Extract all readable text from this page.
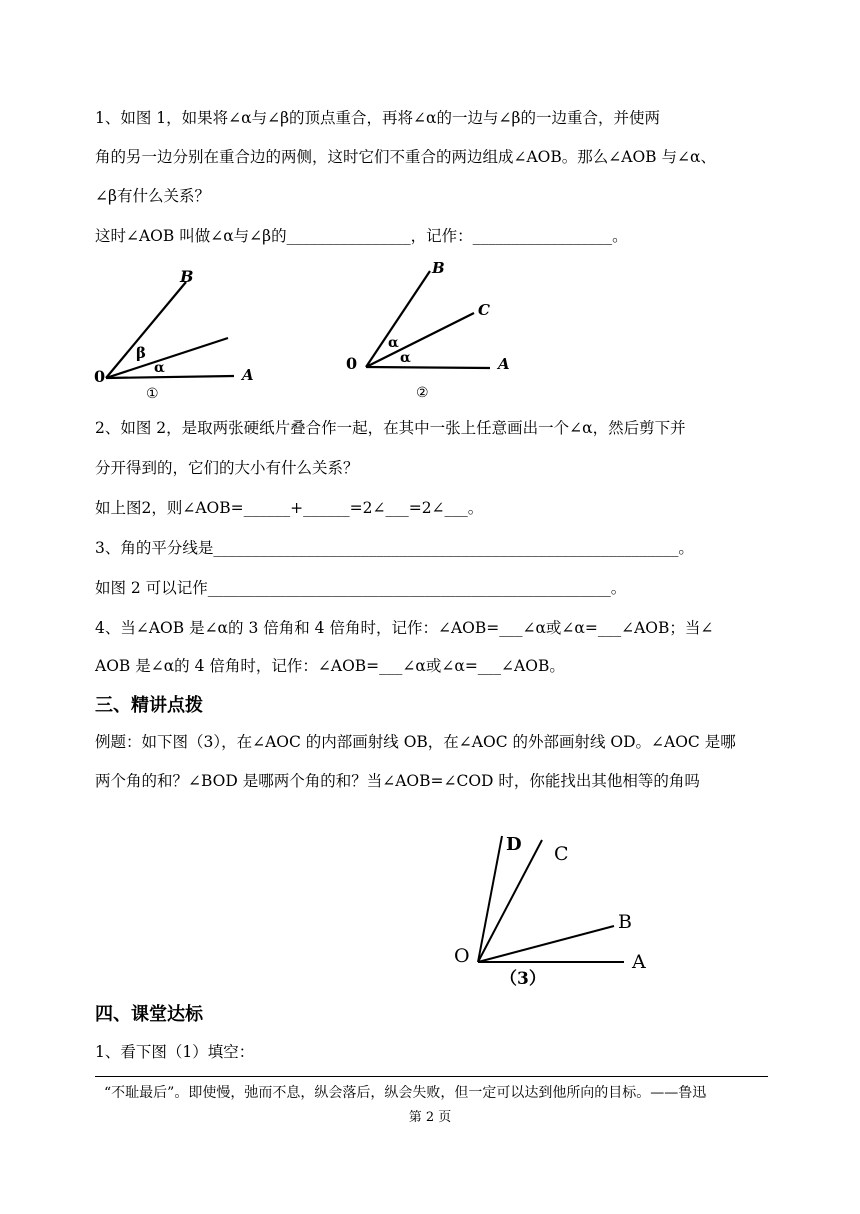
1、如图 1，如果将∠α与∠β的顶点重合，再将∠α的一边与∠β的一边重合，并使两
角的另一边分别在重合边的两侧，这时它们不重合的两边组成∠AOB。那么∠AOB 与∠α、
∠β有什么关系？
这时∠AOB 叫做∠α与∠β的________________，记作：__________________。
B
0
β
α	A
①
B
C
0
α
α	A
②
2、如图 2，是取两张硬纸片叠合作一起，在其中一张上任意画出一个∠α，然后剪下并
分开得到的，它们的大小有什么关系？
如上图2，则∠AOB=______+______=2∠___=2∠___。
3、角的平分线是____________________________________________________________。
如图 2 可以记作____________________________________________________。
4、当∠AOB 是∠α的 3 倍角和 4 倍角时，记作：∠AOB=___∠α或∠α=___∠AOB；当∠
AOB 是∠α的 4 倍角时，记作：∠AOB=___∠α或∠α=___∠AOB。
三、精讲点拨
例题：如下图（3），在∠AOC 的内部画射线 OB，在∠AOC 的外部画射线 OD。∠AOC 是哪
两个角的和？∠BOD 是哪两个角的和？当∠AOB=∠COD 时，你能找出其他相等的角吗
D C
B
O	A
（3）
四、课堂达标
1、看下图（1）填空：
“不耻最后”。即使慢，弛而不息，纵会落后，纵会失败，但一定可以达到他所向的目标。——鲁迅
第 2 页
